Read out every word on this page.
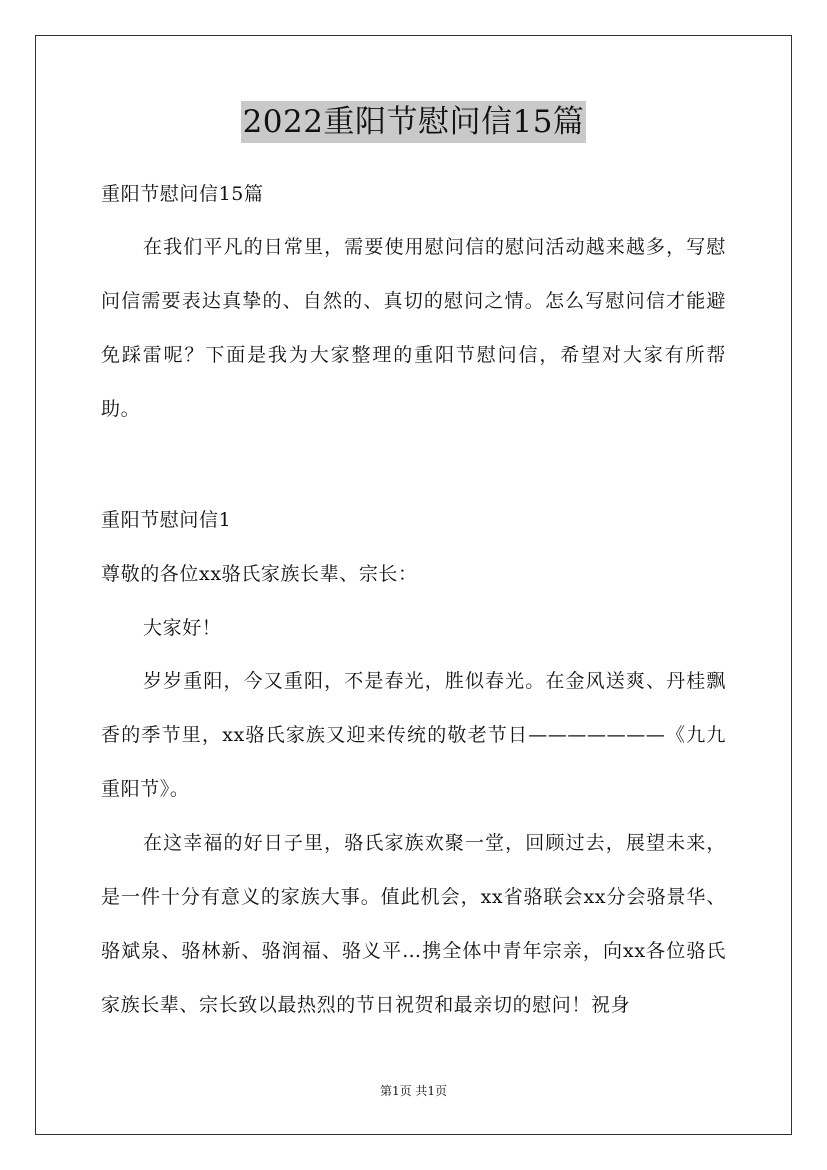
2022重阳节慰问信15篇
重阳节慰问信15篇

在我们平凡的日常里，需要使用慰问信的慰问活动越来越多，写慰问信需要表达真挚的、自然的、真切的慰问之情。怎么写慰问信才能避免踩雷呢？下面是我为大家整理的重阳节慰问信，希望对大家有所帮助。

重阳节慰问信1
尊敬的各位xx骆氏家族长辈、宗长：
大家好！

岁岁重阳，今又重阳，不是春光，胜似春光。在金风送爽、丹桂飘香的季节里，xx骆氏家族又迎来传统的敬老节日———————《九九重阳节》。

在这幸福的好日子里，骆氏家族欢聚一堂，回顾过去，展望未来，是一件十分有意义的家族大事。值此机会，xx省骆联会xx分会骆景华、骆斌泉、骆林新、骆润福、骆义平…携全体中青年宗亲，向xx各位骆氏家族长辈、宗长致以最热烈的节日祝贺和最亲切的慰问！祝身

第1页 共1页
